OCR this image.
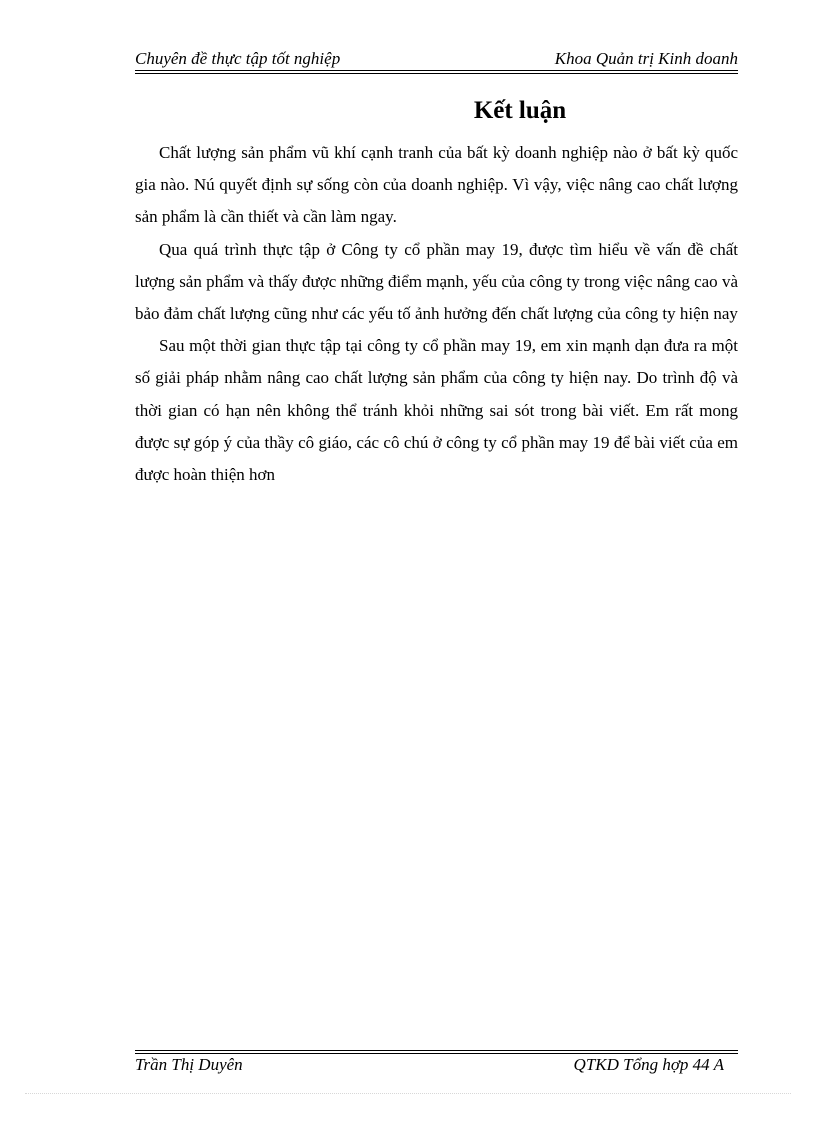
Chuyên đề thực tập tốt nghiệp	Khoa Quản trị Kinh doanh
Kết luận

Chất lượng sản phẩm vũ khí cạnh tranh của bất kỳ doanh nghiệp nào ở bất kỳ quốc gia nào. Nú quyết định sự sống còn của doanh nghiệp. Vì vậy, việc nâng cao chất lượng sản phẩm là cần thiết và cần làm ngay.

Qua quá trình thực tập ở Công ty cổ phần may 19, được tìm hiểu về vấn đề chất lượng sản phẩm và thấy được những điểm mạnh, yếu của công ty trong việc nâng cao và bảo đảm chất lượng cũng như các yếu tố ảnh hưởng đến chất lượng của công ty hiện nay

Sau một thời gian thực tập tại công ty cổ phần may 19, em xin mạnh dạn đưa ra một số giải pháp nhằm nâng cao chất lượng sản phẩm của công ty hiện nay. Do trình độ và thời gian có hạn nên không thể tránh khỏi những sai sót trong bài viết. Em rất mong được sự góp ý của thầy cô giáo, các cô chú ở công ty cổ phần may 19 để bài viết của em được hoàn thiện hơn

Trần Thị Duyên	QTKD Tổng hợp 44 A
